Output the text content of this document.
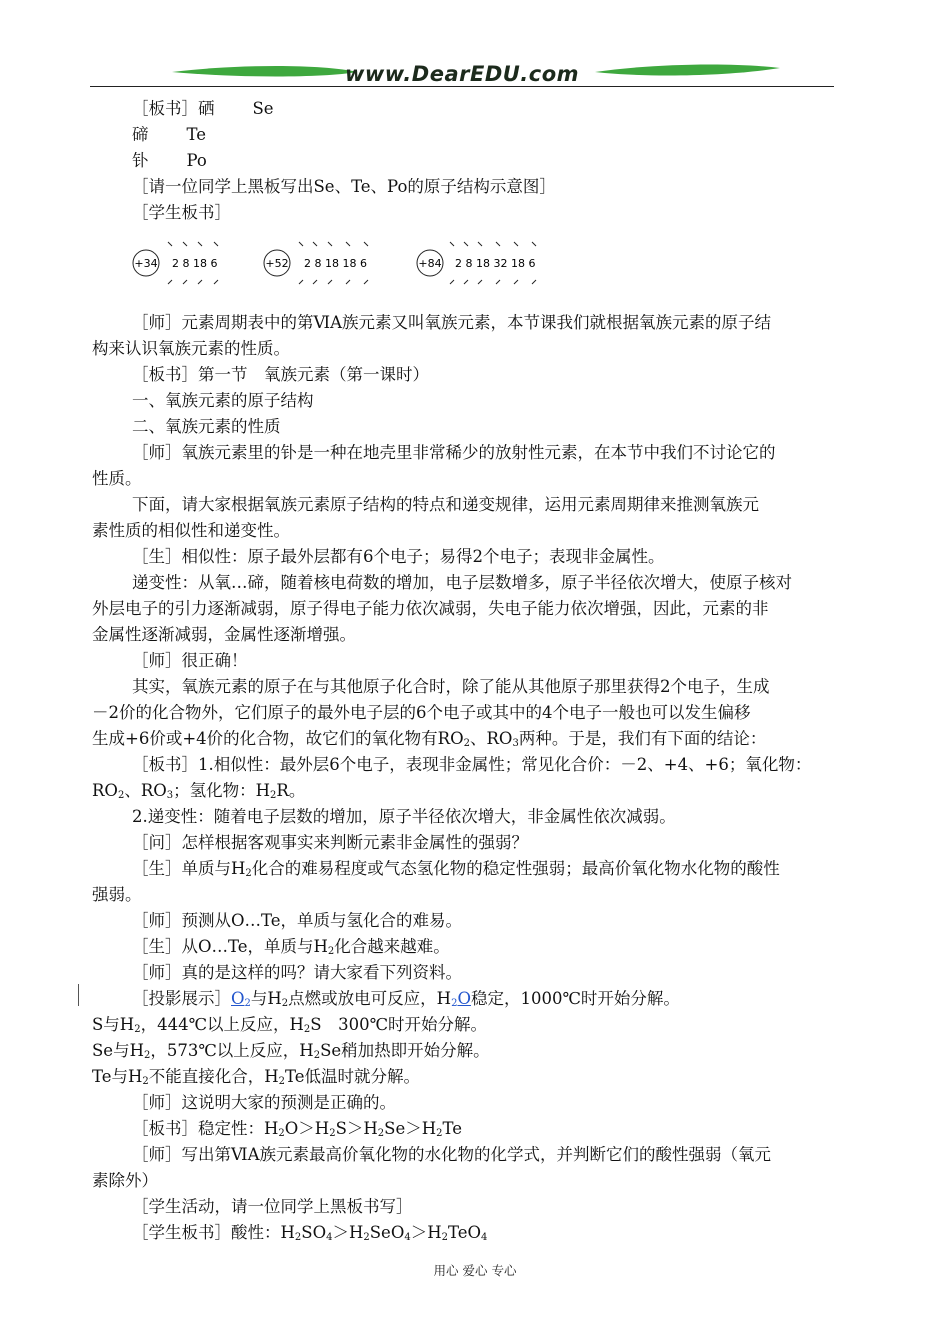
www.DearEDU.com
［板书］硒 Se
碲 Te
钋 Po
［请一位同学上黑板写出Se、Te、Po的原子结构示意图］
［学生板书］
［师］元素周期表中的第ⅥA族元素又叫氧族元素，本节课我们就根据氧族元素的原子结
构来认识氧族元素的性质。
［板书］第一节　氧族元素（第一课时）
一、氧族元素的原子结构
二、氧族元素的性质
［师］氧族元素里的钋是一种在地壳里非常稀少的放射性元素，在本节中我们不讨论它的
性质。
下面，请大家根据氧族元素原子结构的特点和递变规律，运用元素周期律来推测氧族元
素性质的相似性和递变性。
［生］相似性：原子最外层都有6个电子；易得2个电子；表现非金属性。
递变性：从氧…碲，随着核电荷数的增加，电子层数增多，原子半径依次增大，使原子核对
外层电子的引力逐渐减弱，原子得电子能力依次减弱，失电子能力依次增强，因此，元素的非
金属性逐渐减弱，金属性逐渐增强。
［师］很正确！
其实，氧族元素的原子在与其他原子化合时，除了能从其他原子那里获得2个电子，生成
－2价的化合物外，它们原子的最外电子层的6个电子或其中的4个电子一般也可以发生偏移
生成+6价或+4价的化合物，故它们的氧化物有$RO_2$、$RO_3$两种。于是，我们有下面的结论：
［板书］1.相似性：最外层6个电子，表现非金属性；常见化合价：－2、+4、+6；氧化物：
$RO_2$、$RO_3$；氢化物：$H_2R$。
2.递变性：随着电子层数的增加，原子半径依次增大，非金属性依次减弱。
［问］怎样根据客观事实来判断元素非金属性的强弱？
［生］单质与$H_2$化合的难易程度或气态氢化物的稳定性强弱；最高价氧化物水化物的酸性
强弱。
［师］预测从O…Te，单质与氢化合的难易。
［生］从O…Te，单质与$H_2$化合越来越难。
［师］真的是这样的吗？请大家看下列资料。
［投影展示$]O_2$与$H_2$点燃或放电可反应，$H_2O$稳定，1000℃时开始分解。
S与$H_2$，444℃以上反应，$H_2S$　300℃时开始分解。
Se与$H_2$，573℃以上反应，$H_2Se$稍加热即开始分解。
Te与$H_2$不能直接化合，$H_2Te$低温时就分解。
［师］这说明大家的预测是正确的。
［板书］稳定性：$H_2O>H_2S>H_2Se>H_2Te$
［师］写出第ⅥA族元素最高价氧化物的水化物的化学式，并判断它们的酸性强弱（氧元
素除外）
［学生活动，请一位同学上黑板书写］
［学生板书］酸性：$H_2SO_4>H_2SeO_4>H_2TeO_4$
+34 2 8 18 6	+52 2 8 18 18 6	+84 2 8 18 32 18 6
用心 爱心 专心
